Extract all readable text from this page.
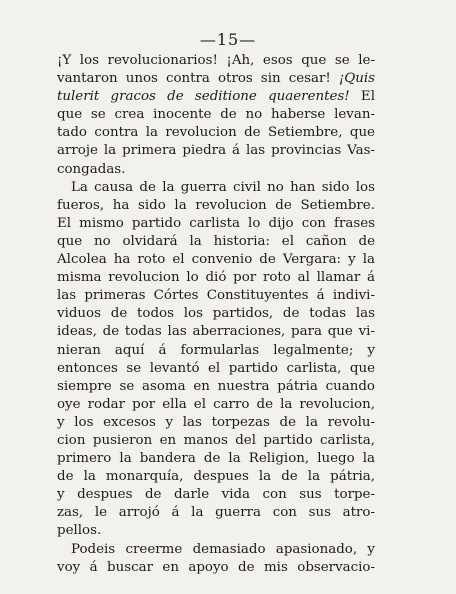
—15—
¡Y los revolucionarios! ¡Ah, esos que se le-
vantaron unos contra otros sin cesar! ¡Quis
tulerit gracos de seditione quaerentes! El
que se crea inocente de no haberse levan-
tado contra la revolucion de Setiembre, que
arroje la primera piedra á las provincias Vas-
congadas.
La causa de la guerra civil no han sido los
fueros, ha sido la revolucion de Setiembre.
El mismo partido carlista lo dijo con frases
que no olvidará la historia: el cañon de
Alcolea ha roto el convenio de Vergara: y la
misma revolucion lo dió por roto al llamar á
las primeras Córtes Constituyentes á indivi-
viduos de todos los partidos, de todas las
ideas, de todas las aberraciones, para que vi-
nieran aquí á formularlas legalmente; y
entonces se levantó el partido carlista, que
siempre se asoma en nuestra pátria cuando
oye rodar por ella el carro de la revolucion,
y los excesos y las torpezas de la revolu-
cion pusieron en manos del partido carlista,
primero la bandera de la Religion, luego la
de la monarquía, despues la de la pátria,
y despues de darle vida con sus torpe-
zas, le arrojó á la guerra con sus atro-
pellos.
Podeis creerme demasiado apasionado, y
voy á buscar en apoyo de mis observacio-
